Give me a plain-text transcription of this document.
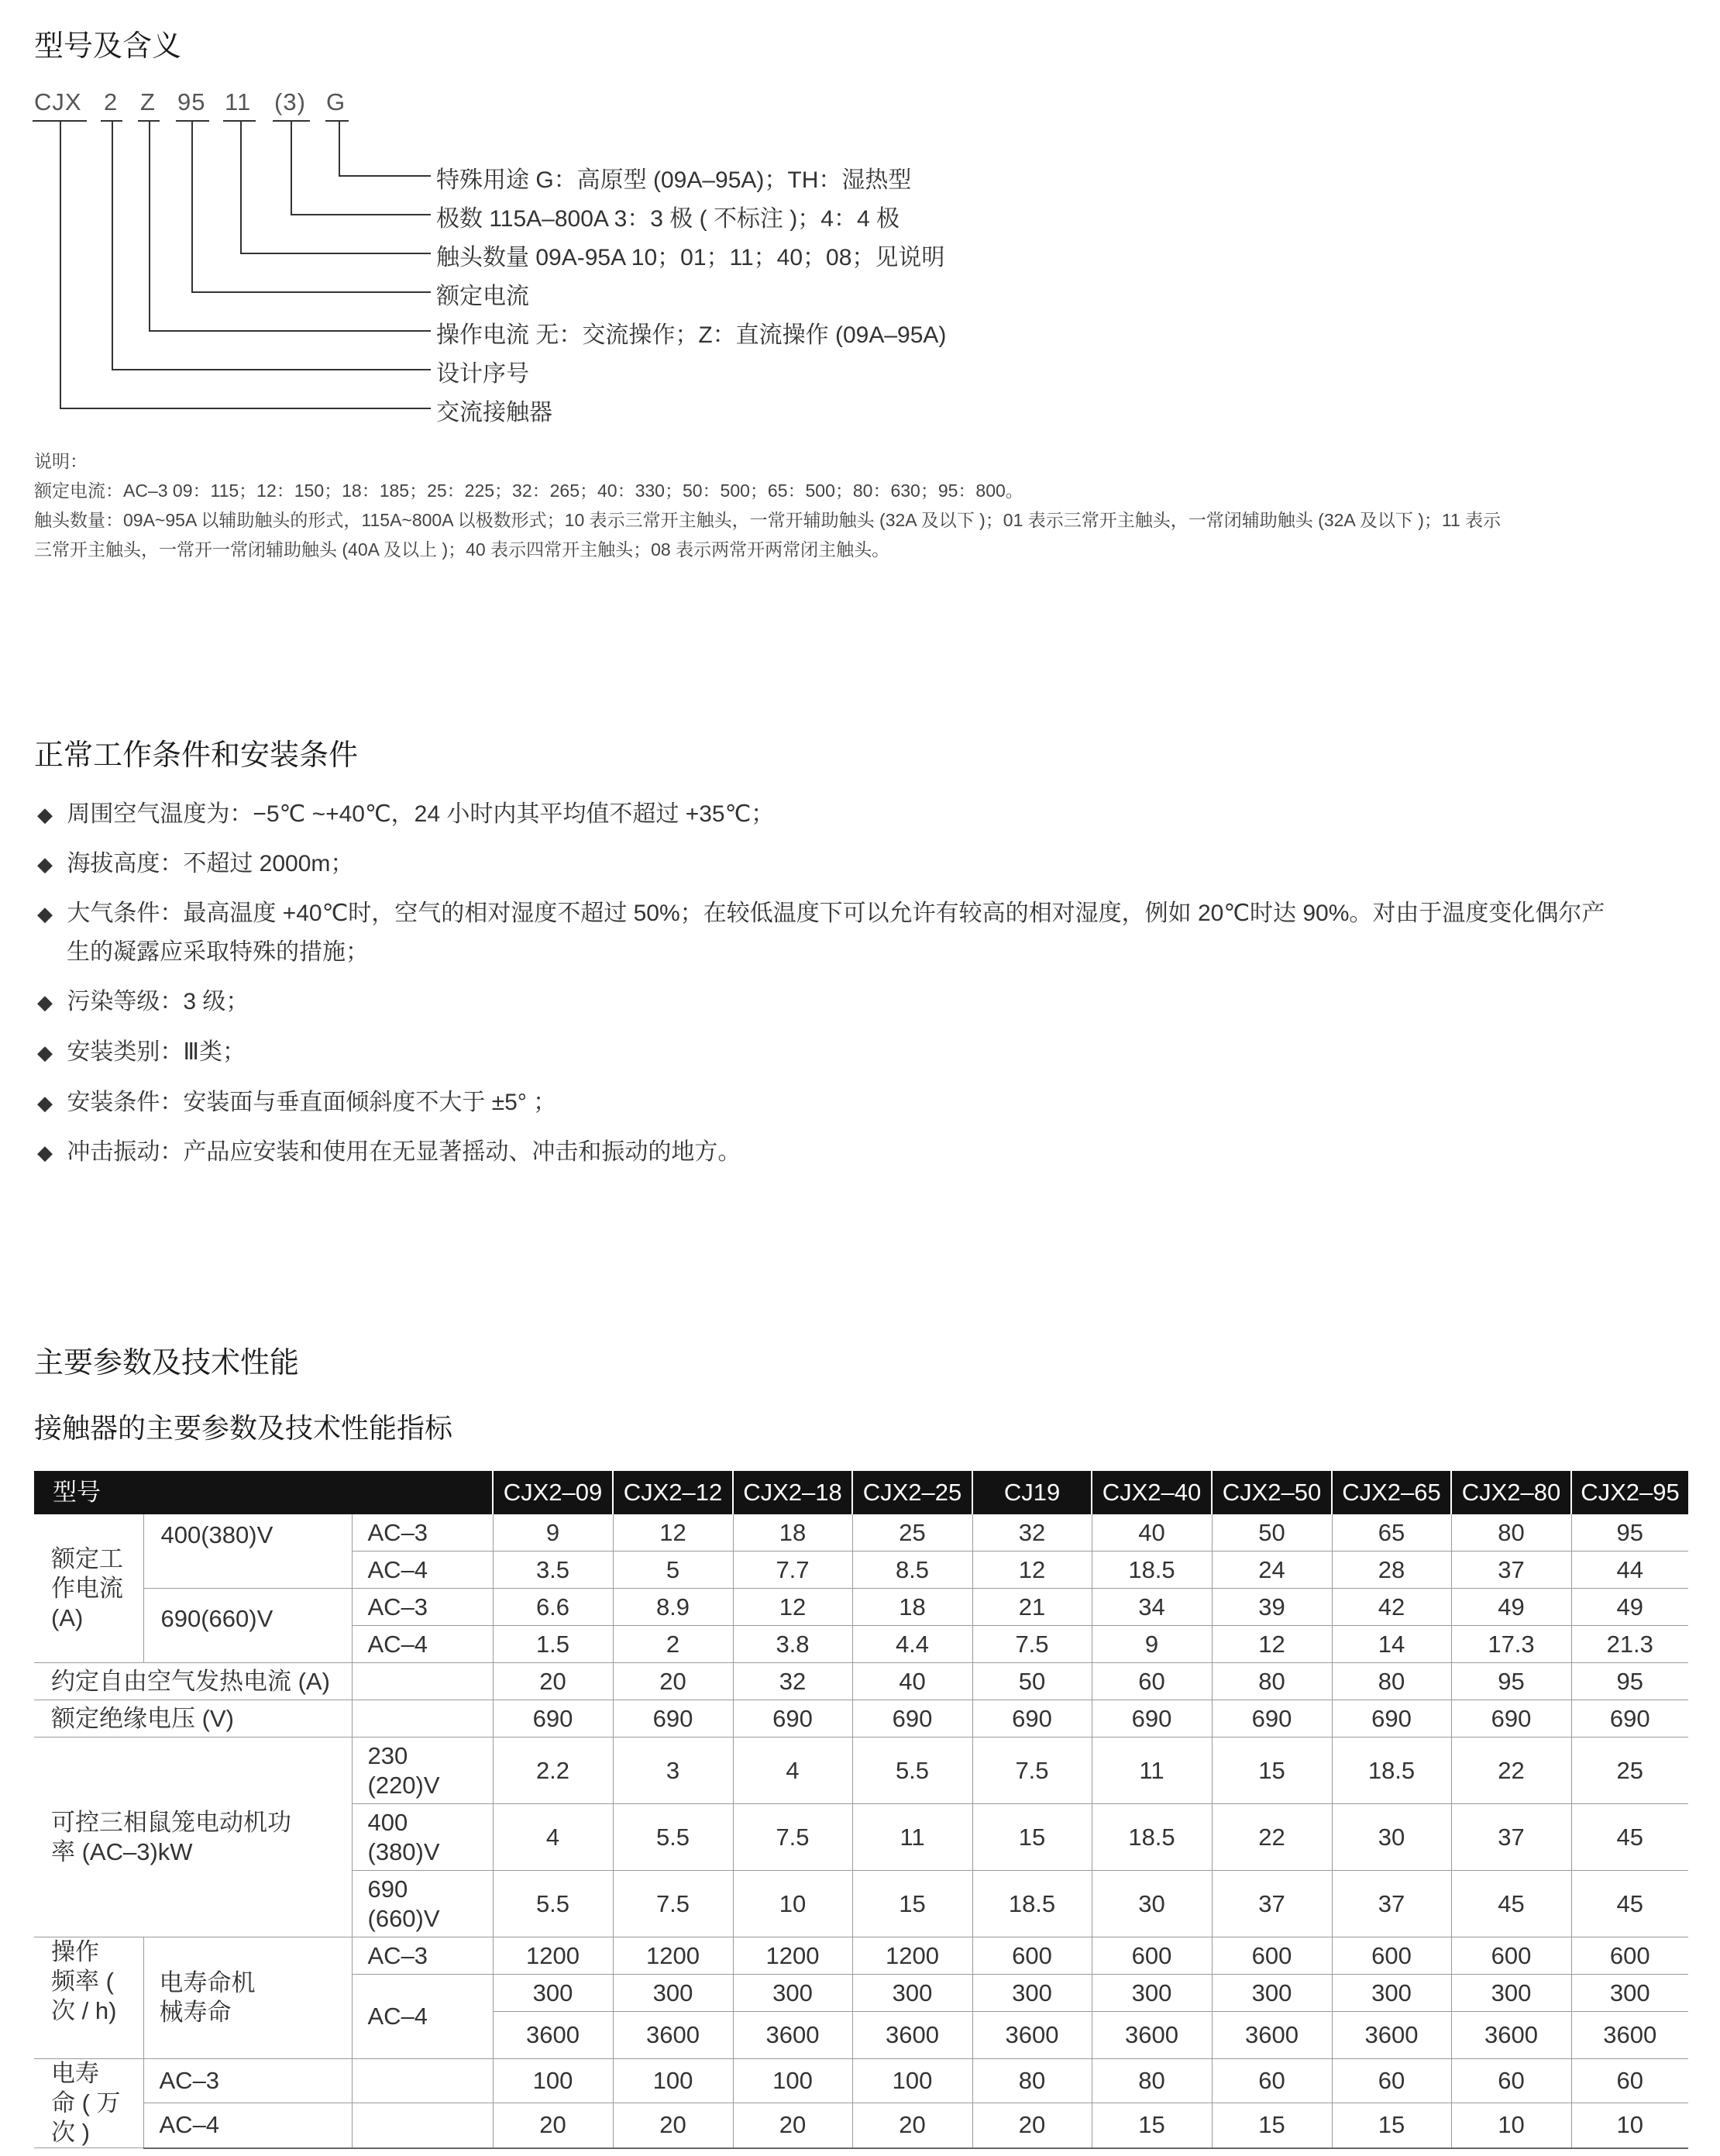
型号及含义
CJX 2 Z 95 11 (3) G
特殊用途 G：高原型 (09A–95A)；TH：湿热型
极数 115A–800A 3：3 极 ( 不标注 )；4：4 极
触头数量 09A-95A 10；01；11；40；08；见说明
额定电流
操作电流 无：交流操作；Z：直流操作 (09A–95A)
设计序号
交流接触器
说明：
额定电流：AC–3 09：115；12：150；18：185；25：225；32：265；40：330；50：500；65：500；80：630；95：800。
触头数量：09A~95A 以辅助触头的形式，115A~800A 以极数形式；10 表示三常开主触头，一常开辅助触头 (32A 及以下 )；01 表示三常开主触头，一常闭辅助触头 (32A 及以下 )；11 表示
三常开主触头，一常开一常闭辅助触头 (40A 及以上 )；40 表示四常开主触头；08 表示两常开两常闭主触头。
正常工作条件和安装条件
◆ 周围空气温度为：−5℃ ~+40℃，24 小时内其平均值不超过 +35℃；
◆ 海拔高度：不超过 2000m；
◆ 大气条件：最高温度 +40℃时，空气的相对湿度不超过 50%；在较低温度下可以允许有较高的相对湿度，例如 20℃时达 90%。对由于温度变化偶尔产
生的凝露应采取特殊的措施；
◆ 污染等级：3 级；
◆ 安装类别：Ⅲ类；
◆ 安装条件：安装面与垂直面倾斜度不大于 ±5° ；
◆ 冲击振动：产品应安装和使用在无显著摇动、冲击和振动的地方。
主要参数及技术性能
接触器的主要参数及技术性能指标
型号			CJX2–09	CJX2–12	CJX2–18	CJX2–25	CJ19	CJX2–40	CJX2–50	CJX2–65	CJX2–80	CJX2–95

额定工作电流 (A)	400(380)V	AC–3	9	12	18	25	32	40	50	65	80	95
		AC–4	3.5	5	7.7	8.5	12	18.5	24	28	37	44
	690(660)V	AC–3	6.6	8.9	12	18	21	34	39	42	49	49
		AC–4	1.5	2	3.8	4.4	7.5	9	12	14	17.3	21.3
约定自由空气发热电流 (A)			20	20	32	40	50	60	80	80	95	95
额定绝缘电压 (V)			690	690	690	690	690	690	690	690	690	690

可控三相鼠笼电动机功率 (AC–3)kW		230 (220)V	2.2	3	4	5.5	7.5	11	15	18.5	22	25

		400 (380)V	4	5.5	7.5	11	15	18.5	22	30	37	45

		690 (660)V	5.5	7.5	10	15	18.5	30	37	37	45	45

操作频率 ( 次 / h)	电寿命机械寿命	AC–3	1200	1200	1200	1200	600	600	600	600	600	600
		AC–4	300	300	300	300	300	300	300	300	300	300
			3600	3600	3600	3600	3600	3600	3600	3600	3600	3600

电寿命 ( 万次 )	AC–3		100	100	100	100	80	80	60	60	60	60
	AC–4		20	20	20	20	20	15	15	15	10	10
